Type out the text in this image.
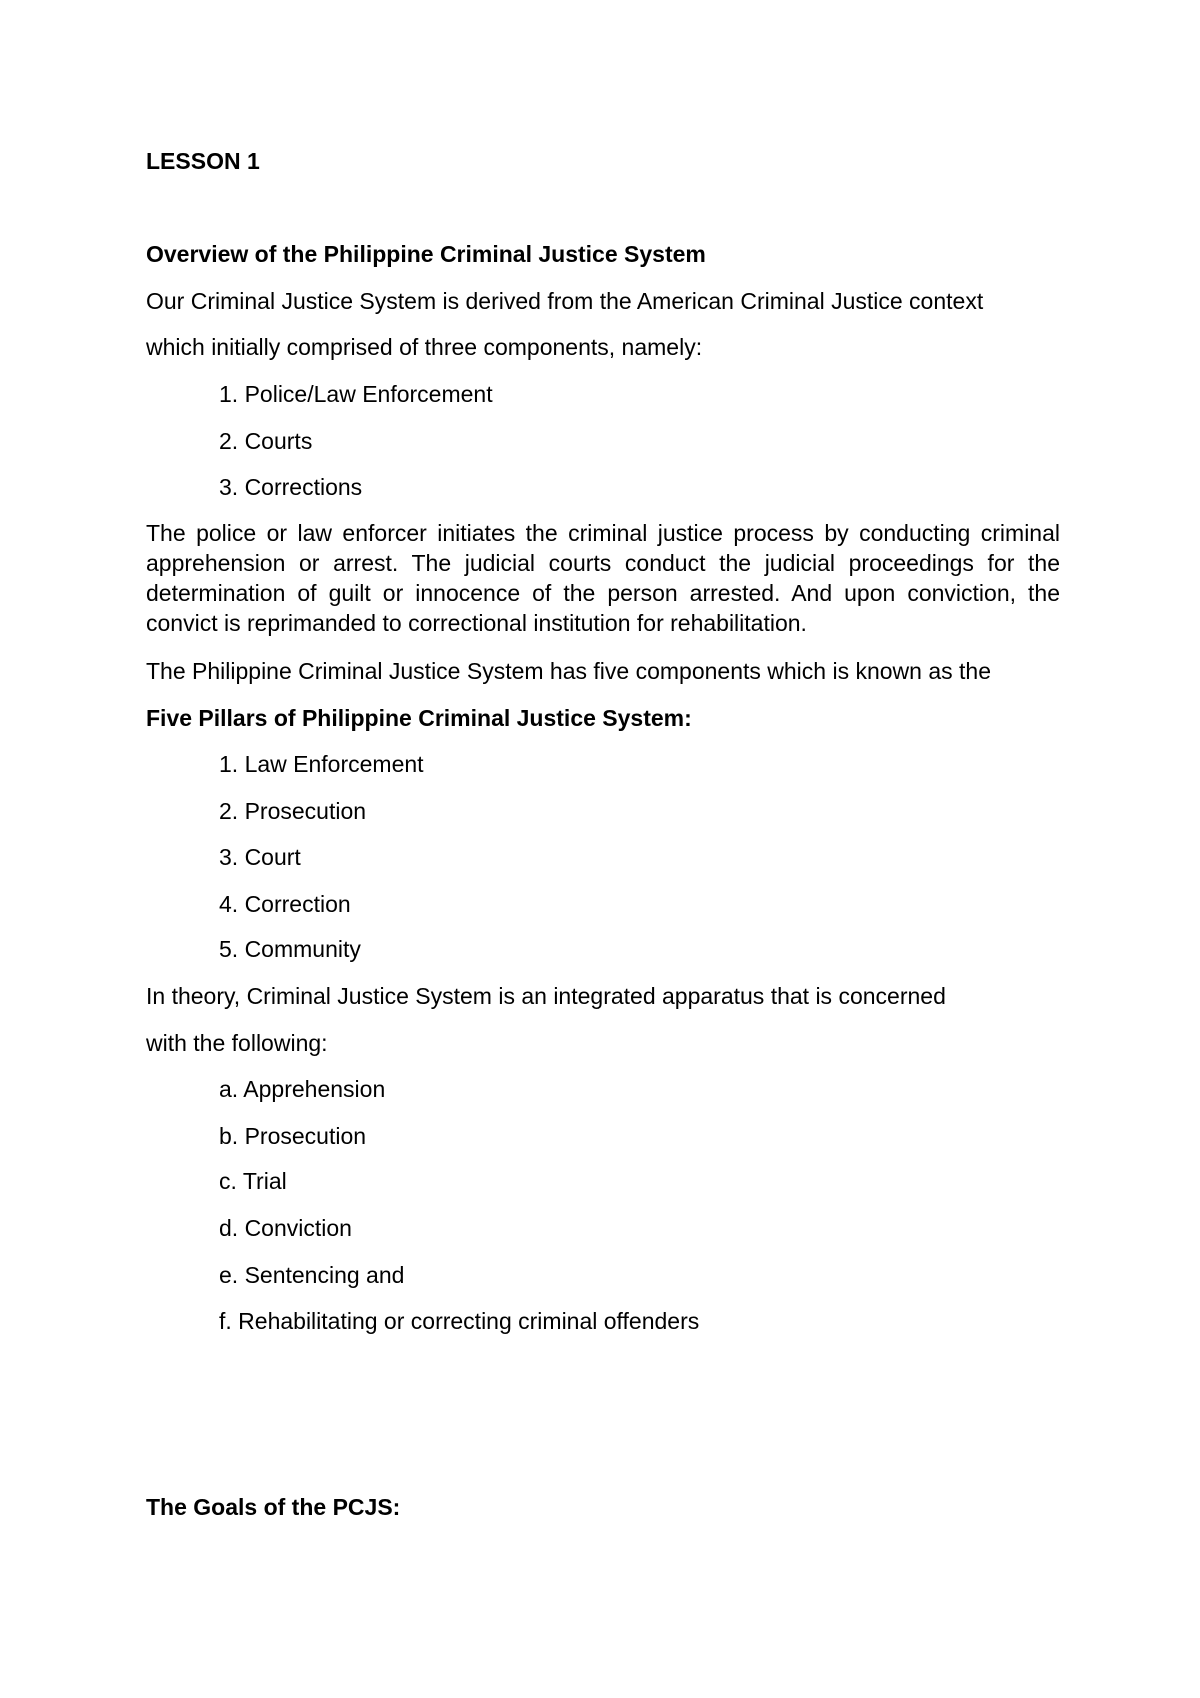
LESSON 1
Overview of the Philippine Criminal Justice System
Our Criminal Justice System is derived from the American Criminal Justice context
which initially comprised of three components, namely:
1. Police/Law Enforcement
2. Courts
3. Corrections
The police or law enforcer initiates the criminal justice process by conducting criminal apprehension or arrest. The judicial courts conduct the judicial proceedings for the determination of guilt or innocence of the person arrested. And upon conviction, the convict is reprimanded to correctional institution for rehabilitation.
The Philippine Criminal Justice System has five components which is known as the
Five Pillars of Philippine Criminal Justice System:
1. Law Enforcement
2. Prosecution
3. Court
4. Correction
5. Community
In theory, Criminal Justice System is an integrated apparatus that is concerned
with the following:
a. Apprehension
b. Prosecution
c. Trial
d. Conviction
e. Sentencing and
f. Rehabilitating or correcting criminal offenders
The Goals of the PCJS:
